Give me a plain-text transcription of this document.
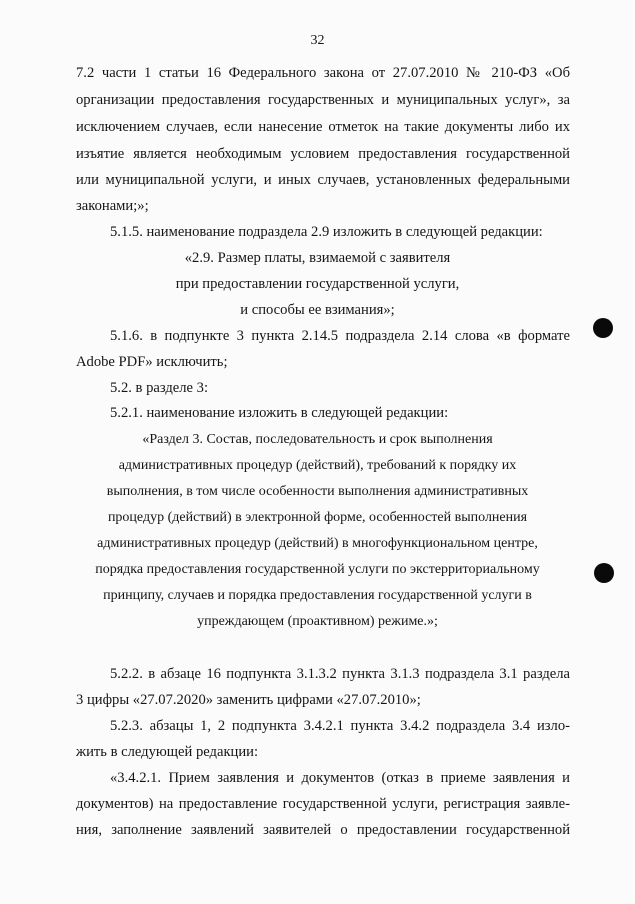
32
7.2 части 1 статьи 16 Федерального закона от 27.07.2010 № 210-ФЗ «Об
организации предоставления государственных и муниципальных услуг», за
исключением случаев, если нанесение отметок на такие документы либо их
изъятие является необходимым условием предоставления государственной
или муниципальной услуги, и иных случаев, установленных федеральными
законами;»;
5.1.5. наименование подраздела 2.9 изложить в следующей редакции:
«2.9. Размер платы, взимаемой с заявителя
при предоставлении государственной услуги,
и способы ее взимания»;
5.1.6. в подпункте 3 пункта 2.14.5 подраздела 2.14 слова «в формате
Adobe PDF» исключить;
5.2. в разделе 3:
5.2.1. наименование изложить в следующей редакции:
«Раздел 3. Состав, последовательность и срок выполнения
административных процедур (действий), требований к порядку их
выполнения, в том числе особенности выполнения административных
процедур (действий) в электронной форме, особенностей выполнения
административных процедур (действий) в многофункциональном центре,
порядка предоставления государственной услуги по экстерриториальному
принципу, случаев и порядка предоставления государственной услуги в
упреждающем (проактивном) режиме.»;
5.2.2. в абзаце 16 подпункта 3.1.3.2 пункта 3.1.3 подраздела 3.1 раздела
3 цифры «27.07.2020» заменить цифрами «27.07.2010»;
5.2.3. абзацы 1, 2 подпункта 3.4.2.1 пункта 3.4.2 подраздела 3.4 изло-
жить в следующей редакции:
«3.4.2.1. Прием заявления и документов (отказ в приеме заявления и
документов) на предоставление государственной услуги, регистрация заявле-
ния, заполнение заявлений заявителей о предоставлении государственной
